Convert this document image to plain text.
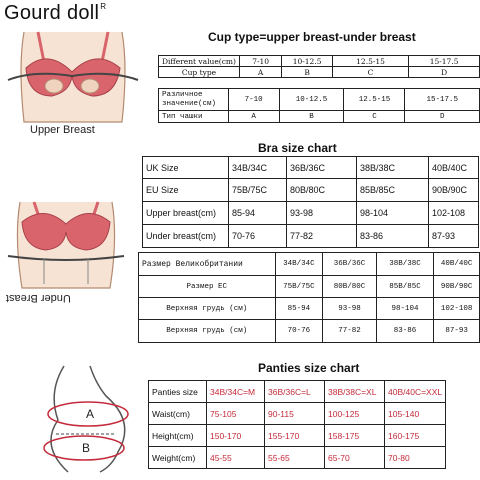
Gourd doll$^R$
Upper Breast
Under Breast
A
B
Cup type=upper breast-under breast
Different value(cm)	7-10	10-12.5	12.5-15	15-17.5
Cup type	A	B	C	D
Различное значение(см)	7-10	10-12.5	12.5-15	15-17.5
Тип чашки	A	B	C	D
Bra size chart
UK Size	34B/34C	36B/36C	38B/38C	40B/40C
EU Size	75B/75C	80B/80C	85B/85C	90B/90C
Upper breast(cm)	85-94	93-98	98-104	102-108
Under breast(cm)	70-76	77-82	83-86	87-93
Размер Великобритании	34B/34C	36B/36C	38B/38C	40B/40C
Размер ЕС	75B/75C	80B/80C	85B/85C	90B/90C
Верхняя грудь (см)	85-94	93-98	98-104	102-108
Верхняя грудь (см)	70-76	77-82	83-86	87-93
Panties size chart
Panties size	34B/34C=M	36B/36C=L	38B/38C=XL	40B/40C=XXL
Waist(cm)	75-105	90-115	100-125	105-140
Height(cm)	150-170	155-170	158-175	160-175
Weight(cm)	45-55	55-65	65-70	70-80
